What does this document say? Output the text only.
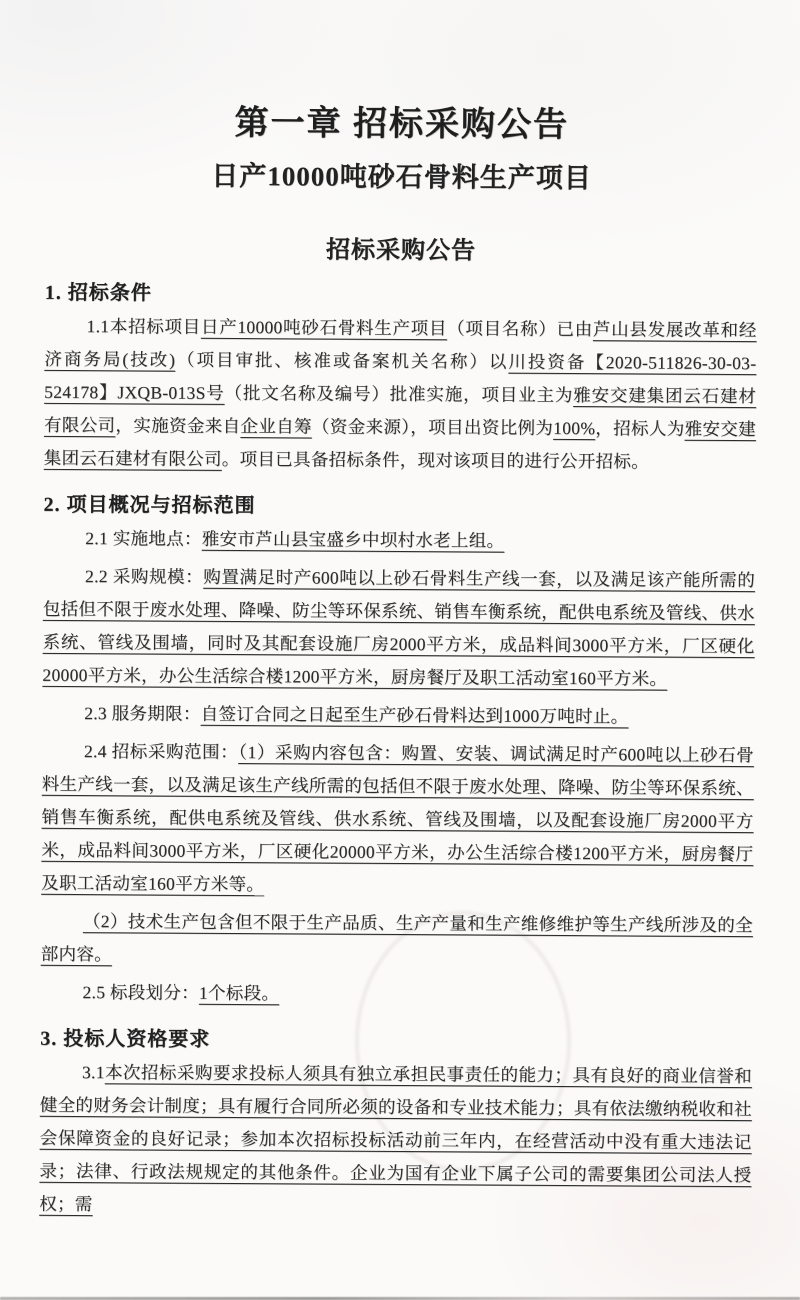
第一章 招标采购公告
日产10000吨砂石骨料生产项目
招标采购公告
1. 招标条件

1.1本招标项目日产10000吨砂石骨料生产项目（项目名称）已由芦山县发展改革和经济商务局(技改)（项目审批、核准或备案机关名称）以川投资备【2020-511826-30-03-524178】JXQB-013S号（批文名称及编号）批准实施，项目业主为雅安交建集团云石建材有限公司，实施资金来自企业自筹（资金来源），项目出资比例为100%，招标人为雅安交建集团云石建材有限公司。项目已具备招标条件，现对该项目的进行公开招标。

2. 项目概况与招标范围

2.1 实施地点：雅安市芦山县宝盛乡中坝村水老上组。

2.2 采购规模：购置满足时产600吨以上砂石骨料生产线一套，以及满足该产能所需的包括但不限于废水处理、降噪、防尘等环保系统、销售车衡系统，配供电系统及管线、供水系统、管线及围墙，同时及其配套设施厂房2000平方米，成品料间3000平方米，厂区硬化20000平方米，办公生活综合楼1200平方米，厨房餐厅及职工活动室160平方米。

2.3 服务期限：自签订合同之日起至生产砂石骨料达到1000万吨时止。

2.4 招标采购范围：（1）采购内容包含：购置、安装、调试满足时产600吨以上砂石骨料生产线一套，以及满足该生产线所需的包括但不限于废水处理、降噪、防尘等环保系统、销售车衡系统，配供电系统及管线、供水系统、管线及围墙，以及配套设施厂房2000平方米，成品料间3000平方米，厂区硬化20000平方米，办公生活综合楼1200平方米，厨房餐厅及职工活动室160平方米等。

（2）技术生产包含但不限于生产品质、生产产量和生产维修维护等生产线所涉及的全部内容。

2.5 标段划分：1个标段。

3. 投标人资格要求

3.1本次招标采购要求投标人须具有独立承担民事责任的能力；具有良好的商业信誉和健全的财务会计制度；具有履行合同所必须的设备和专业技术能力；具有依法缴纳税收和社会保障资金的良好记录；参加本次招标投标活动前三年内，在经营活动中没有重大违法记录；法律、行政法规规定的其他条件。企业为国有企业下属子公司的需要集团公司法人授权；需
